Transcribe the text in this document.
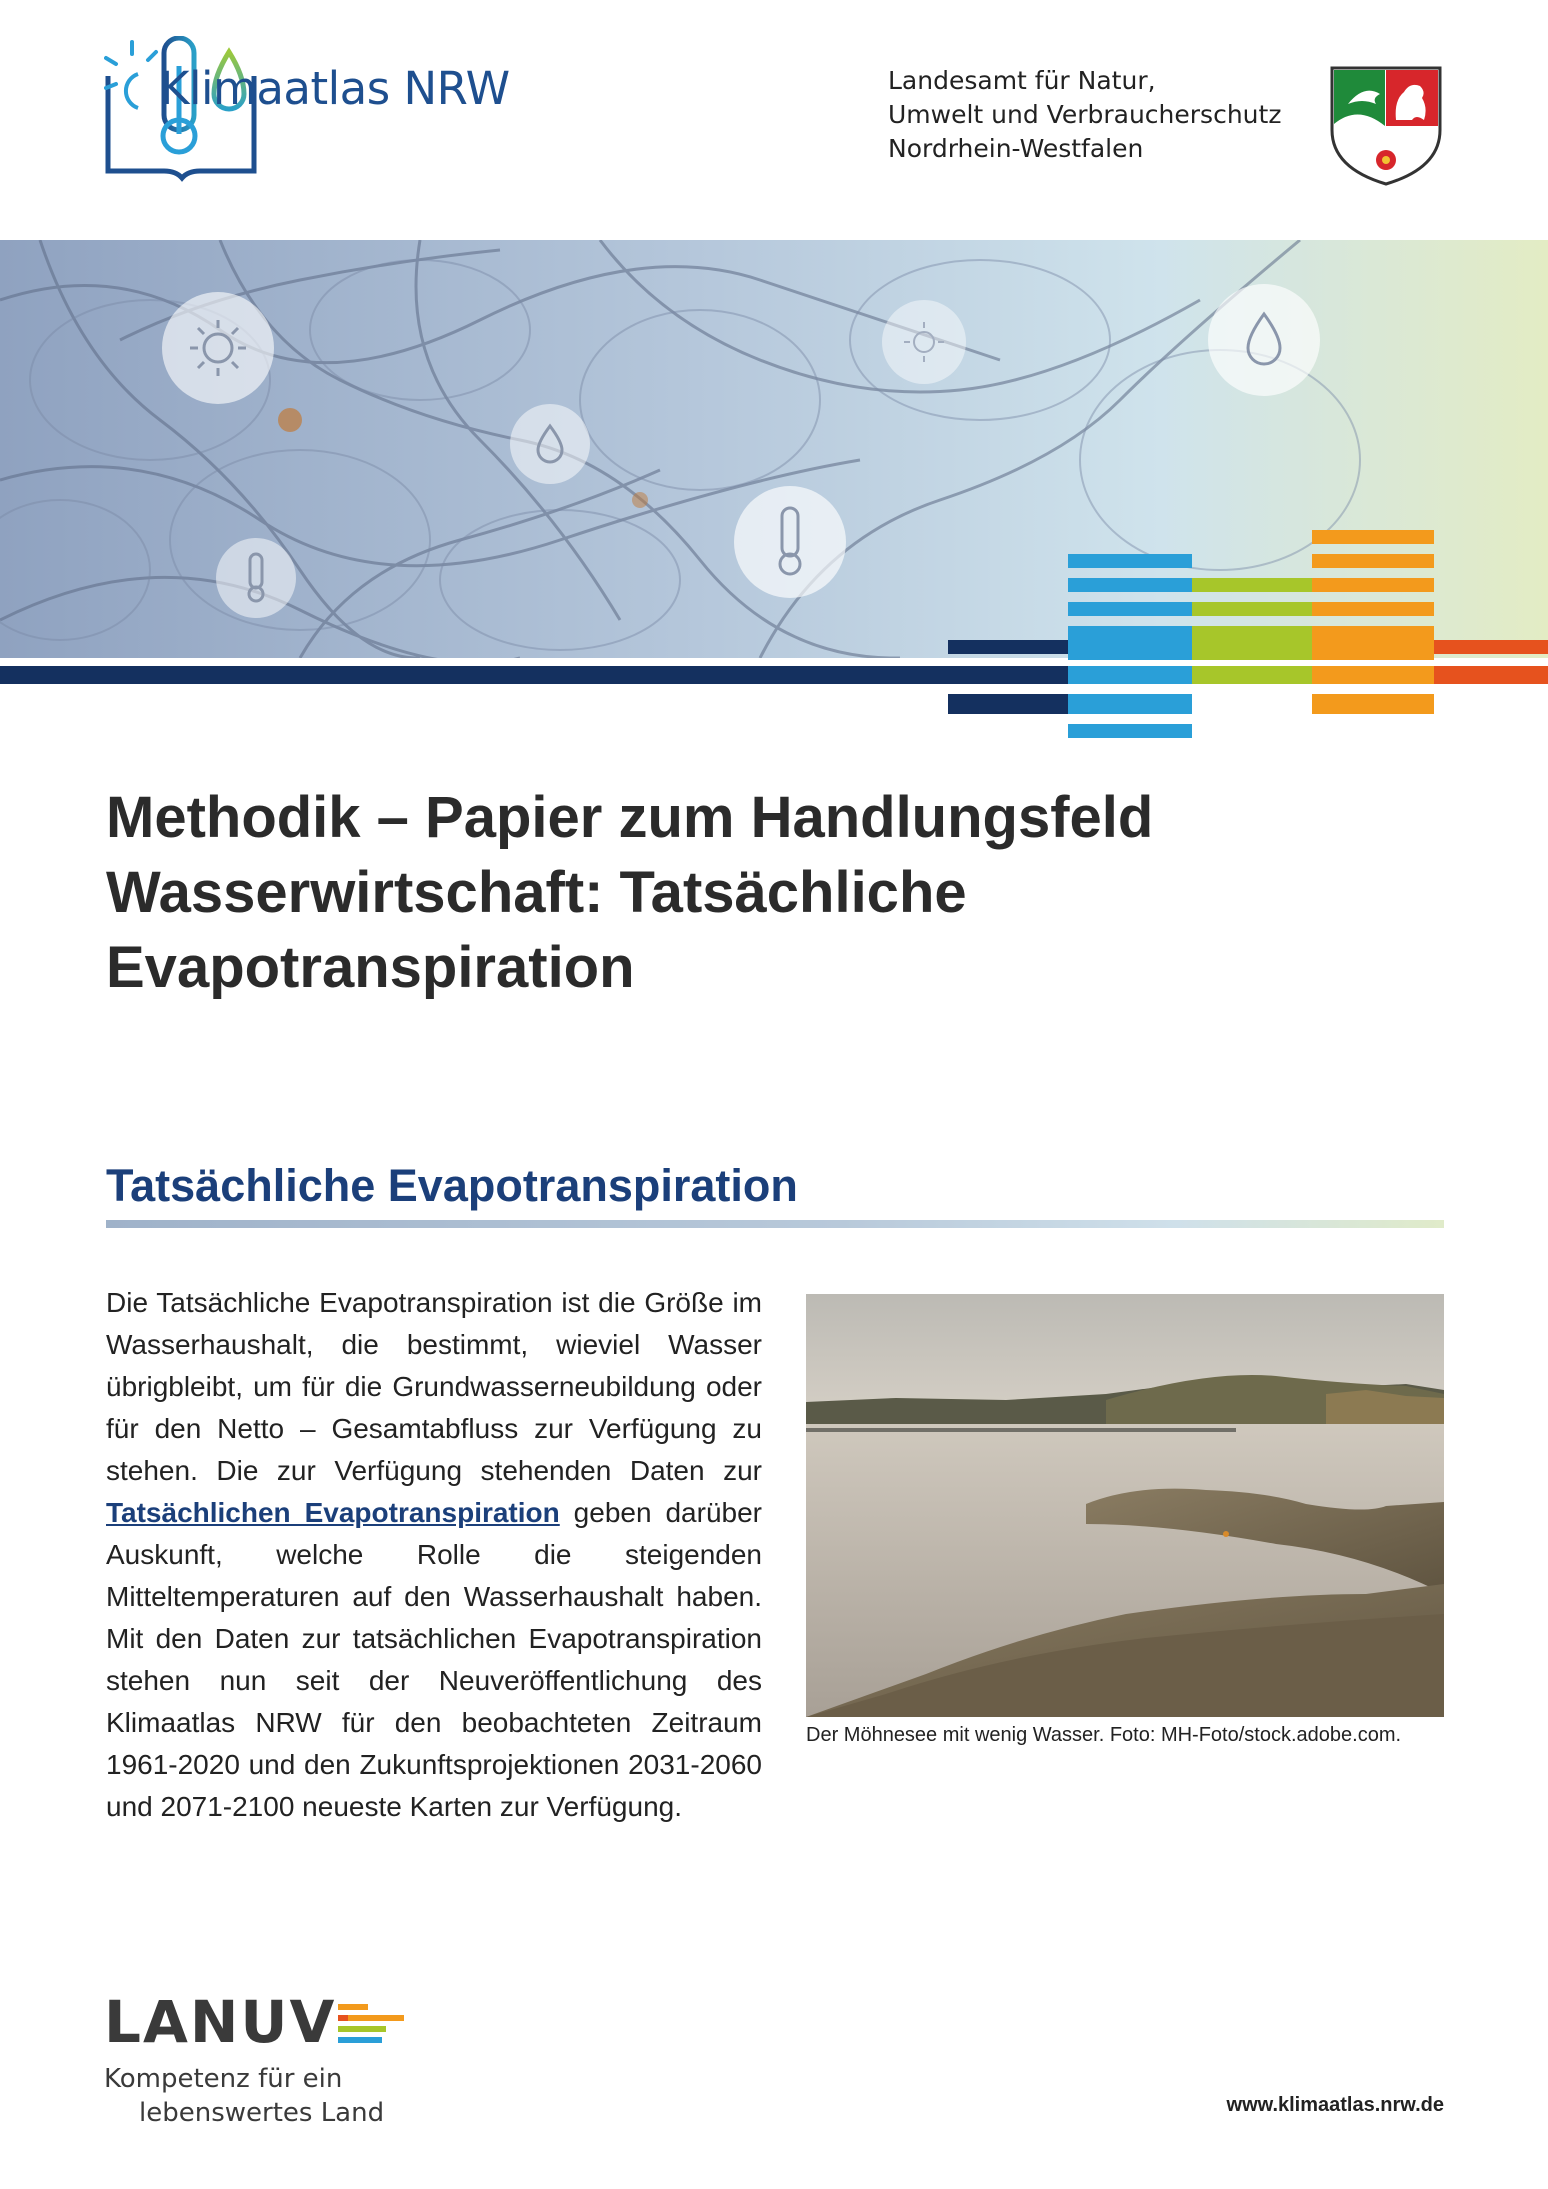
Klimaatlas NRW	Landesamt für Natur,
Umwelt und Verbraucherschutz
Nordrhein-Westfalen
Methodik – Papier zum Handlungsfeld
Wasserwirtschaft: Tatsächliche
Evapotranspiration
Tatsächliche Evapotranspiration
Die Tatsächliche Evapotranspiration ist die Größe im Wasserhaushalt, die bestimmt, wieviel Wasser übrigbleibt, um für die Grundwasserneubildung oder für den Netto – Gesamtabfluss zur Verfügung zu stehen. Die zur Verfügung stehenden Daten zur Tatsächlichen Evapotranspiration geben darüber Auskunft, welche Rolle die steigenden Mitteltemperaturen auf den Wasserhaushalt haben. Mit den Daten zur tatsächlichen Evapotranspiration stehen nun seit der Neuveröffentlichung des Klimaatlas NRW für den beobachteten Zeitraum 1961-2020 und den Zukunftsprojektionen 2031-2060 und 2071-2100 neueste Karten zur Verfügung.
Der Möhnesee mit wenig Wasser. Foto: MH-Foto/stock.adobe.com.
LANUV
Kompetenz für ein
lebenswertes Land	www.klimaatlas.nrw.de
